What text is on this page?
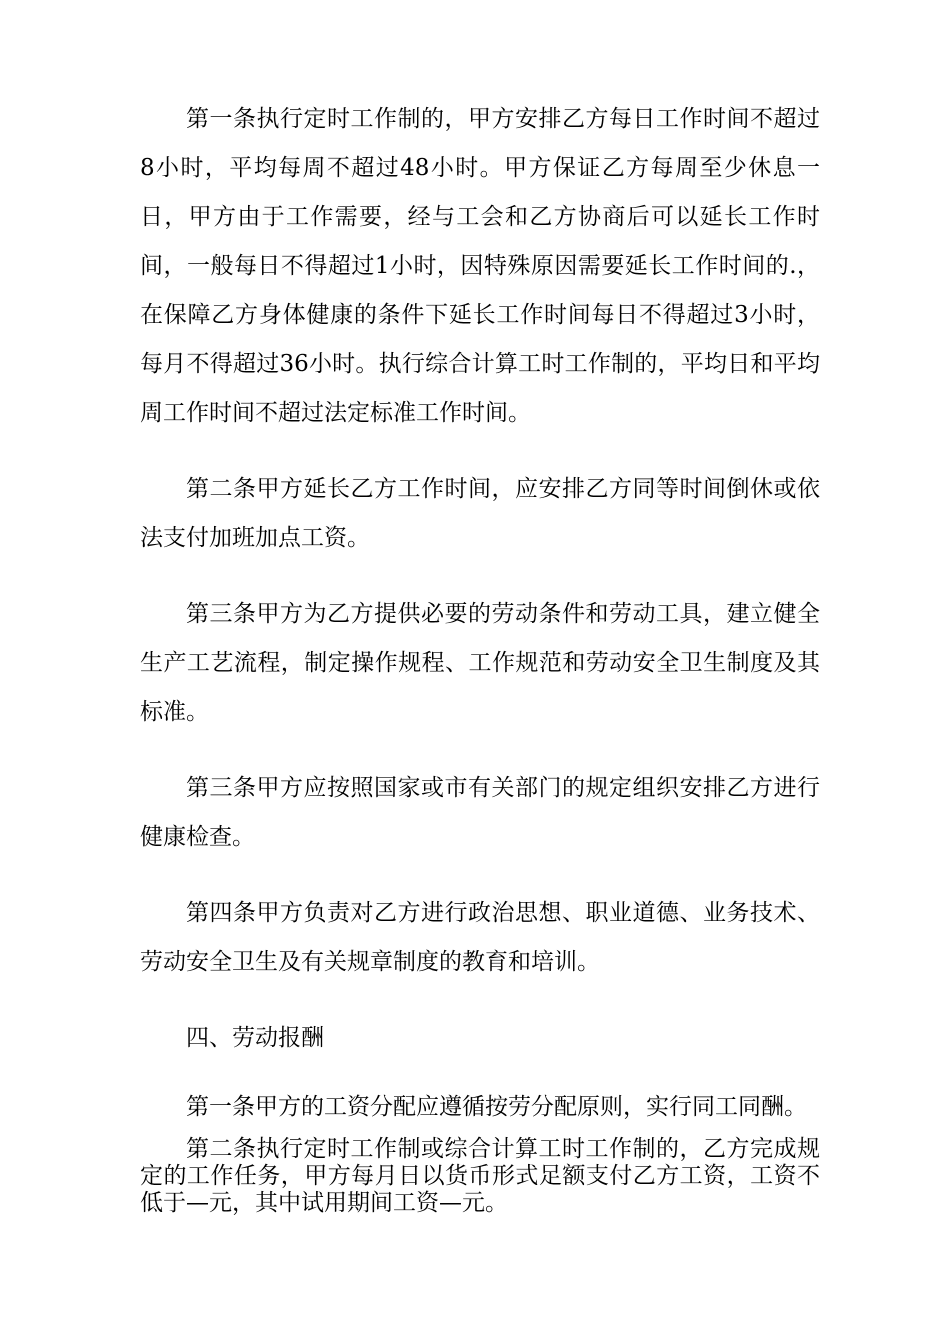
第一条执行定时工作制的，甲方安排乙方每日工作时间不超过8小时，平均每周不超过48小时。甲方保证乙方每周至少休息一日，甲方由于工作需要，经与工会和乙方协商后可以延长工作时间，一般每日不得超过1小时，因特殊原因需要延长工作时间的.，在保障乙方身体健康的条件下延长工作时间每日不得超过3小时，每月不得超过36小时。执行综合计算工时工作制的，平均日和平均周工作时间不超过法定标准工作时间。

第二条甲方延长乙方工作时间，应安排乙方同等时间倒休或依法支付加班加点工资。

第三条甲方为乙方提供必要的劳动条件和劳动工具，建立健全生产工艺流程，制定操作规程、工作规范和劳动安全卫生制度及其标准。

第三条甲方应按照国家或市有关部门的规定组织安排乙方进行健康检查。

第四条甲方负责对乙方进行政治思想、职业道德、业务技术、劳动安全卫生及有关规章制度的教育和培训。

四、劳动报酬

第一条甲方的工资分配应遵循按劳分配原则，实行同工同酬。

第二条执行定时工作制或综合计算工时工作制的，乙方完成规定的工作任务，甲方每月日以货币形式足额支付乙方工资，工资不低于—元，其中试用期间工资—元。
